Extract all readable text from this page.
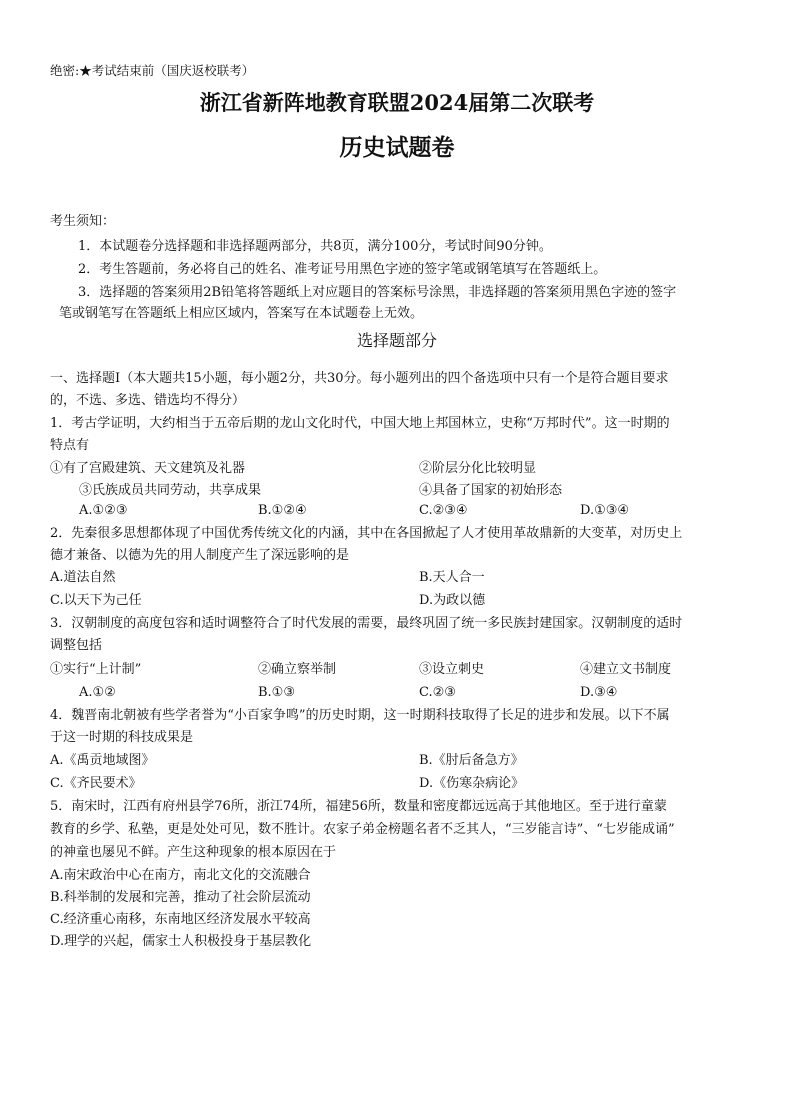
绝密:★考试结束前（国庆返校联考）
浙江省新阵地教育联盟2024届第二次联考
历史试题卷
考生须知：
1．本试题卷分选择题和非选择题两部分，共8页，满分100分，考试时间90分钟。
2．考生答题前，务必将自己的姓名、准考证号用黑色字迹的签字笔或钢笔填写在答题纸上。
3．选择题的答案须用2B铅笔将答题纸上对应题目的答案标号涂黑，非选择题的答案须用黑色字迹的签字
笔或钢笔写在答题纸上相应区域内，答案写在本试题卷上无效。
选择题部分
一、选择题Ⅰ（本大题共15小题，每小题2分，共30分。每小题列出的四个备选项中只有一个是符合题目要求
的，不选、多选、错选均不得分）
1．考古学证明，大约相当于五帝后期的龙山文化时代，中国大地上邦国林立，史称“万邦时代”。这一时期的
特点有
①有了宫殿建筑、天文建筑及礼器	②阶层分化比较明显
③氏族成员共同劳动，共享成果	④具备了国家的初始形态
A.①②③	B.①②④	C.②③④	D.①③④
2．先秦很多思想都体现了中国优秀传统文化的内涵，其中在各国掀起了人才使用革故鼎新的大变革，对历史上
德才兼备、以德为先的用人制度产生了深远影响的是
A.道法自然	B.天人合一
C.以天下为己任	D.为政以德
3．汉朝制度的高度包容和适时调整符合了时代发展的需要，最终巩固了统一多民族封建国家。汉朝制度的适时
调整包括
①实行“上计制”	②确立察举制	③设立刺史	④建立文书制度
A.①②	B.①③	C.②③	D.③④
4．魏晋南北朝被有些学者誉为“小百家争鸣”的历史时期，这一时期科技取得了长足的进步和发展。以下不属
于这一时期的科技成果是
A.《禹贡地域图》	B.《肘后备急方》
C.《齐民要术》	D.《伤寒杂病论》
5．南宋时，江西有府州县学76所，浙江74所，福建56所，数量和密度都远远高于其他地区。至于进行童蒙
教育的乡学、私塾，更是处处可见，数不胜计。农家子弟金榜题名者不乏其人，“三岁能言诗”、“七岁能成诵”
的神童也屡见不鲜。产生这种现象的根本原因在于
A.南宋政治中心在南方，南北文化的交流融合
B.科举制的发展和完善，推动了社会阶层流动
C.经济重心南移，东南地区经济发展水平较高
D.理学的兴起，儒家士人积极投身于基层教化
